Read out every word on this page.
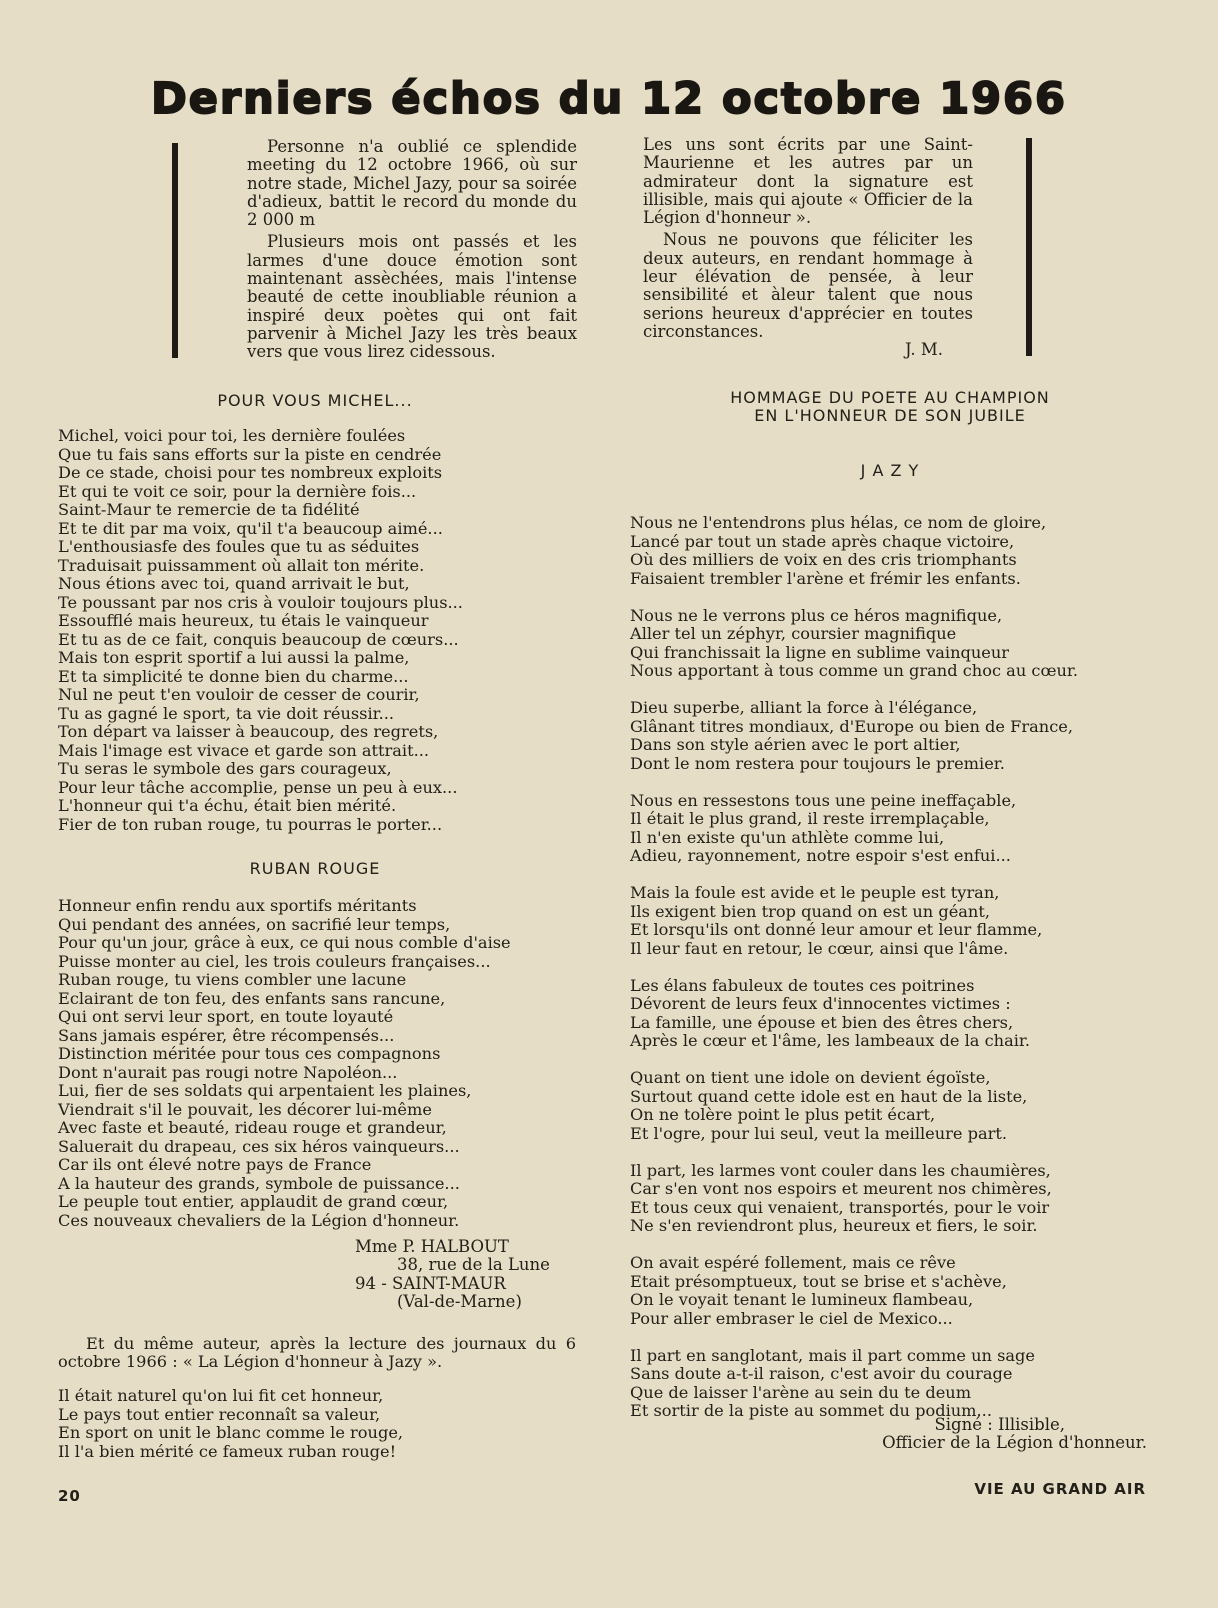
Derniers échos du 12 octobre 1966

Personne n'a oublié ce splendide meeting du 12 octobre 1966, où sur notre stade, Michel Jazy, pour sa soirée d'adieux, battit le record du monde du 2 000 m

Plusieurs mois ont passés et les larmes d'une douce émotion sont maintenant assèchées, mais l'intense beauté de cette inoubliable réunion a inspiré deux poètes qui ont fait parvenir à Michel Jazy les très beaux vers que vous lirez cidessous.

Les uns sont écrits par une Saint-Maurienne et les autres par un admirateur dont la signature est illisible, mais qui ajoute « Officier de la Légion d'honneur ».

Nous ne pouvons que féliciter les deux auteurs, en rendant hommage à leur élévation de pensée, à leur sensibilité et àleur talent que nous serions heureux d'apprécier en toutes circonstances.

J. M.

POUR VOUS MICHEL...
Michel, voici pour toi, les dernière foulées
Que tu fais sans efforts sur la piste en cendrée
De ce stade, choisi pour tes nombreux exploits
Et qui te voit ce soir, pour la dernière fois...
Saint-Maur te remercie de ta fidélité
Et te dit par ma voix, qu'il t'a beaucoup aimé...
L'enthousiasfe des foules que tu as séduites
Traduisait puissamment où allait ton mérite.
Nous étions avec toi, quand arrivait le but,
Te poussant par nos cris à vouloir toujours plus...
Essoufflé mais heureux, tu étais le vainqueur
Et tu as de ce fait, conquis beaucoup de cœurs...
Mais ton esprit sportif a lui aussi la palme,
Et ta simplicité te donne bien du charme...
Nul ne peut t'en vouloir de cesser de courir,
Tu as gagné le sport, ta vie doit réussir...
Ton départ va laisser à beaucoup, des regrets,
Mais l'image est vivace et garde son attrait...
Tu seras le symbole des gars courageux,
Pour leur tâche accomplie, pense un peu à eux...
L'honneur qui t'a échu, était bien mérité.
Fier de ton ruban rouge, tu pourras le porter...
RUBAN ROUGE
Honneur enfin rendu aux sportifs méritants
Qui pendant des années, on sacrifié leur temps,
Pour qu'un jour, grâce à eux, ce qui nous comble d'aise
Puisse monter au ciel, les trois couleurs françaises...
Ruban rouge, tu viens combler une lacune
Eclairant de ton feu, des enfants sans rancune,
Qui ont servi leur sport, en toute loyauté
Sans jamais espérer, être récompensés...
Distinction méritée pour tous ces compagnons
Dont n'aurait pas rougi notre Napoléon...
Lui, fier de ses soldats qui arpentaient les plaines,
Viendrait s'il le pouvait, les décorer lui-même
Avec faste et beauté, rideau rouge et grandeur,
Saluerait du drapeau, ces six héros vainqueurs...
Car ils ont élevé notre pays de France
A la hauteur des grands, symbole de puissance...
Le peuple tout entier, applaudit de grand cœur,
Ces nouveaux chevaliers de la Légion d'honneur.
Mme P. HALBOUT
38, rue de la Lune
94 - SAINT-MAUR
(Val-de-Marne)

Et du même auteur, après la lecture des journaux du 6 octobre 1966 : « La Légion d'honneur à Jazy ».

Il était naturel qu'on lui fit cet honneur,
Le pays tout entier reconnaît sa valeur,
En sport on unit le blanc comme le rouge,
Il l'a bien mérité ce fameux ruban rouge!
HOMMAGE DU POETE AU CHAMPION
EN L'HONNEUR DE SON JUBILE
J A Z Y
Nous ne l'entendrons plus hélas, ce nom de gloire,
Lancé par tout un stade après chaque victoire,
Où des milliers de voix en des cris triomphants
Faisaient trembler l'arène et frémir les enfants.
Nous ne le verrons plus ce héros magnifique,
Aller tel un zéphyr, coursier magnifique
Qui franchissait la ligne en sublime vainqueur
Nous apportant à tous comme un grand choc au cœur.
Dieu superbe, alliant la force à l'élégance,
Glânant titres mondiaux, d'Europe ou bien de France,
Dans son style aérien avec le port altier,
Dont le nom restera pour toujours le premier.
Nous en ressestons tous une peine ineffaçable,
Il était le plus grand, il reste irremplaçable,
Il n'en existe qu'un athlète comme lui,
Adieu, rayonnement, notre espoir s'est enfui...
Mais la foule est avide et le peuple est tyran,
Ils exigent bien trop quand on est un géant,
Et lorsqu'ils ont donné leur amour et leur flamme,
Il leur faut en retour, le cœur, ainsi que l'âme.
Les élans fabuleux de toutes ces poitrines
Dévorent de leurs feux d'innocentes victimes :
La famille, une épouse et bien des êtres chers,
Après le cœur et l'âme, les lambeaux de la chair.
Quant on tient une idole on devient égoïste,
Surtout quand cette idole est en haut de la liste,
On ne tolère point le plus petit écart,
Et l'ogre, pour lui seul, veut la meilleure part.
Il part, les larmes vont couler dans les chaumières,
Car s'en vont nos espoirs et meurent nos chimères,
Et tous ceux qui venaient, transportés, pour le voir
Ne s'en reviendront plus, heureux et fiers, le soir.
On avait espéré follement, mais ce rêve
Etait présomptueux, tout se brise et s'achève,
On le voyait tenant le lumineux flambeau,
Pour aller embraser le ciel de Mexico...
Il part en sanglotant, mais il part comme un sage
Sans doute a-t-il raison, c'est avoir du courage
Que de laisser l'arène au sein du te deum
Et sortir de la piste au sommet du podium...
Signé : Illisible,
Officier de la Légion d'honneur.
20	VIE AU GRAND AIR
